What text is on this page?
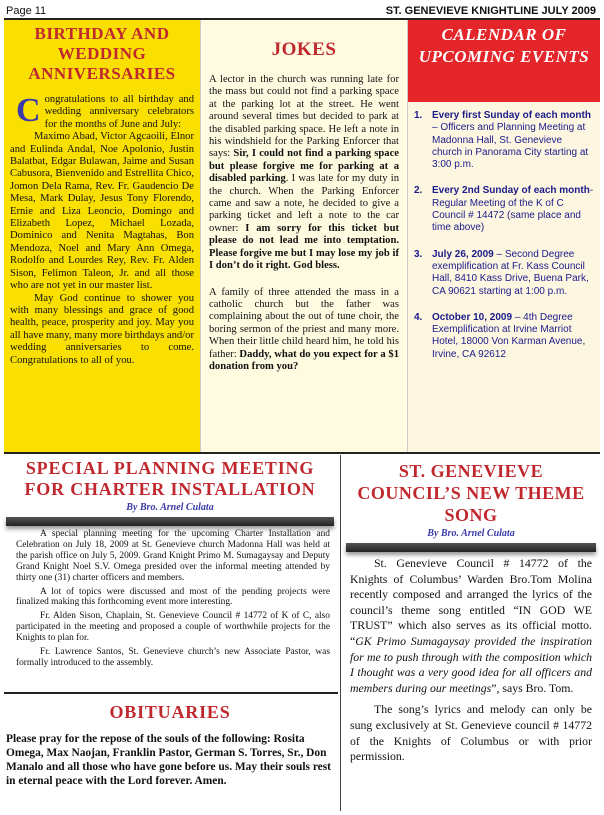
Page 11	ST. GENEVIEVE KNIGHTLINE JULY 2009
BIRTHDAY AND WEDDING ANNIVERSARIES
C ongratulations to all birthday and wedding anniversary celebrators for the months of June and July:

Maximo Abad, Victor Agcaoili, Elnor and Eulinda Andal, Noe Apolonio, Justin Balatbat, Edgar Bulawan, Jaime and Susan Cabusora, Bienvenido and Estrellita Chico, Jomon Dela Rama, Rev. Fr. Gaudencio De Mesa, Mark Dulay, Jesus Tony Florendo, Ernie and Liza Leoncio, Domingo and Elizabeth Lopez, Michael Lozada, Dominico and Nenita Magtahas, Bon Mendoza, Noel and Mary Ann Omega, Rodolfo and Lourdes Rey, Rev. Fr. Alden Sison, Felimon Taleon, Jr. and all those who are not yet in our master list.

May God continue to shower you with many blessings and grace of good health, peace, prosperity and joy. May you all have many, many more birthdays and/or wedding anniversaries to come. Congratulations to all of you.

JOKES

A lector in the church was running late for the mass but could not find a parking space at the parking lot at the street. He went around several times but decided to park at the disabled parking space. He left a note in his windshield for the Parking Enforcer that says: Sir, I could not find a parking space but please forgive me for parking at a disabled parking. I was late for my duty in the church. When the Parking Enforcer came and saw a note, he decided to give a parking ticket and left a note to the car owner: I am sorry for this ticket but please do not lead me into temptation. Please forgive me but I may lose my job if I don’t do it right. God bless.

A family of three attended the mass in a catholic church but the father was complaining about the out of tune choir, the boring sermon of the priest and many more. When their little child heard him, he told his father: Daddy, what do you expect for a $1 donation from you?

CALENDAR OF UPCOMING EVENTS
1. Every first Sunday of each month – Officers and Planning Meeting at Madonna Hall, St. Genevieve church in Panorama City starting at 3:00 p.m.
2. Every 2nd Sunday of each month- Regular Meeting of the K of C Council # 14472 (same place and time above)
3. July 26, 2009 – Second Degree exemplification at Fr. Kass Council Hall, 8410 Kass Drive, Buena Park, CA 90621 starting at 1:00 p.m.
4. October 10, 2009 – 4th Degree Exemplification at Irvine Marriot Hotel, 18000 Von Karman Avenue, Irvine, CA 92612
SPECIAL PLANNING MEETING FOR CHARTER INSTALLATION
By Bro. Arnel Culata

A special planning meeting for the upcoming Charter Installation and Celebration on July 18, 2009 at St. Genevieve church Madonna Hall was held at the parish office on July 5, 2009. Grand Knight Primo M. Sumagaysay and Deputy Grand Knight Noel S.V. Omega presided over the informal meeting attended by thirty one (31) charter officers and members.

A lot of topics were discussed and most of the pending projects were finalized making this forthcoming event more interesting.

Fr. Alden Sison, Chaplain, St. Genevieve Council # 14772 of K of C, also participated in the meeting and proposed a couple of worthwhile projects for the Knights to plan for.

Fr. Lawrence Santos, St. Genevieve church’s new Associate Pastor, was formally introduced to the assembly.

OBITUARIES

Please pray for the repose of the souls of the following: Rosita Omega, Max Naojan, Franklin Pastor, German S. Torres, Sr., Don Manalo and all those who have gone before us. May their souls rest in eternal peace with the Lord forever. Amen.

ST. GENEVIEVE COUNCIL’S NEW THEME SONG
By Bro. Arnel Culata

St. Genevieve Council # 14772 of the Knights of Columbus’ Warden Bro.Tom Molina recently composed and arranged the lyrics of the council’s theme song entitled “IN GOD WE TRUST” which also serves as its official motto. “GK Primo Sumagaysay provided the inspiration for me to push through with the composition which I thought was a very good idea for all officers and members during our meetings”, says Bro. Tom.

The song’s lyrics and melody can only be sung exclusively at St. Genevieve council # 14772 of the Knights of Columbus or with prior permission.
